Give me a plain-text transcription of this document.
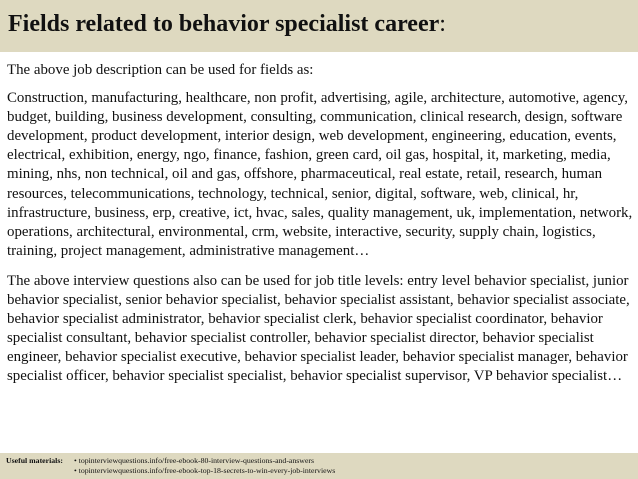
Fields related to behavior specialist career:

The above job description can be used for fields as:

Construction, manufacturing, healthcare, non profit, advertising, agile, architecture, automotive, agency, budget, building, business development, consulting, communication, clinical research, design, software development, product development, interior design, web development, engineering, education, events, electrical, exhibition, energy, ngo, finance, fashion, green card, oil gas, hospital, it, marketing, media, mining, nhs, non technical, oil and gas, offshore, pharmaceutical, real estate, retail, research, human resources, telecommunications, technology, technical, senior, digital, software, web, clinical, hr, infrastructure, business, erp, creative, ict, hvac, sales, quality management, uk, implementation, network, operations, architectural, environmental, crm, website, interactive, security, supply chain, logistics, training, project management, administrative management…

The above interview questions also can be used for job title levels: entry level behavior specialist, junior behavior specialist, senior behavior specialist, behavior specialist assistant, behavior specialist associate, behavior specialist administrator, behavior specialist clerk, behavior specialist coordinator, behavior specialist consultant, behavior specialist controller, behavior specialist director, behavior specialist engineer, behavior specialist executive, behavior specialist leader, behavior specialist manager, behavior specialist officer, behavior specialist specialist, behavior specialist supervisor, VP behavior specialist…

Useful materials: • topinterviewquestions.info/free-ebook-80-interview-questions-and-answers
• topinterviewquestions.info/free-ebook-top-18-secrets-to-win-every-job-interviews
